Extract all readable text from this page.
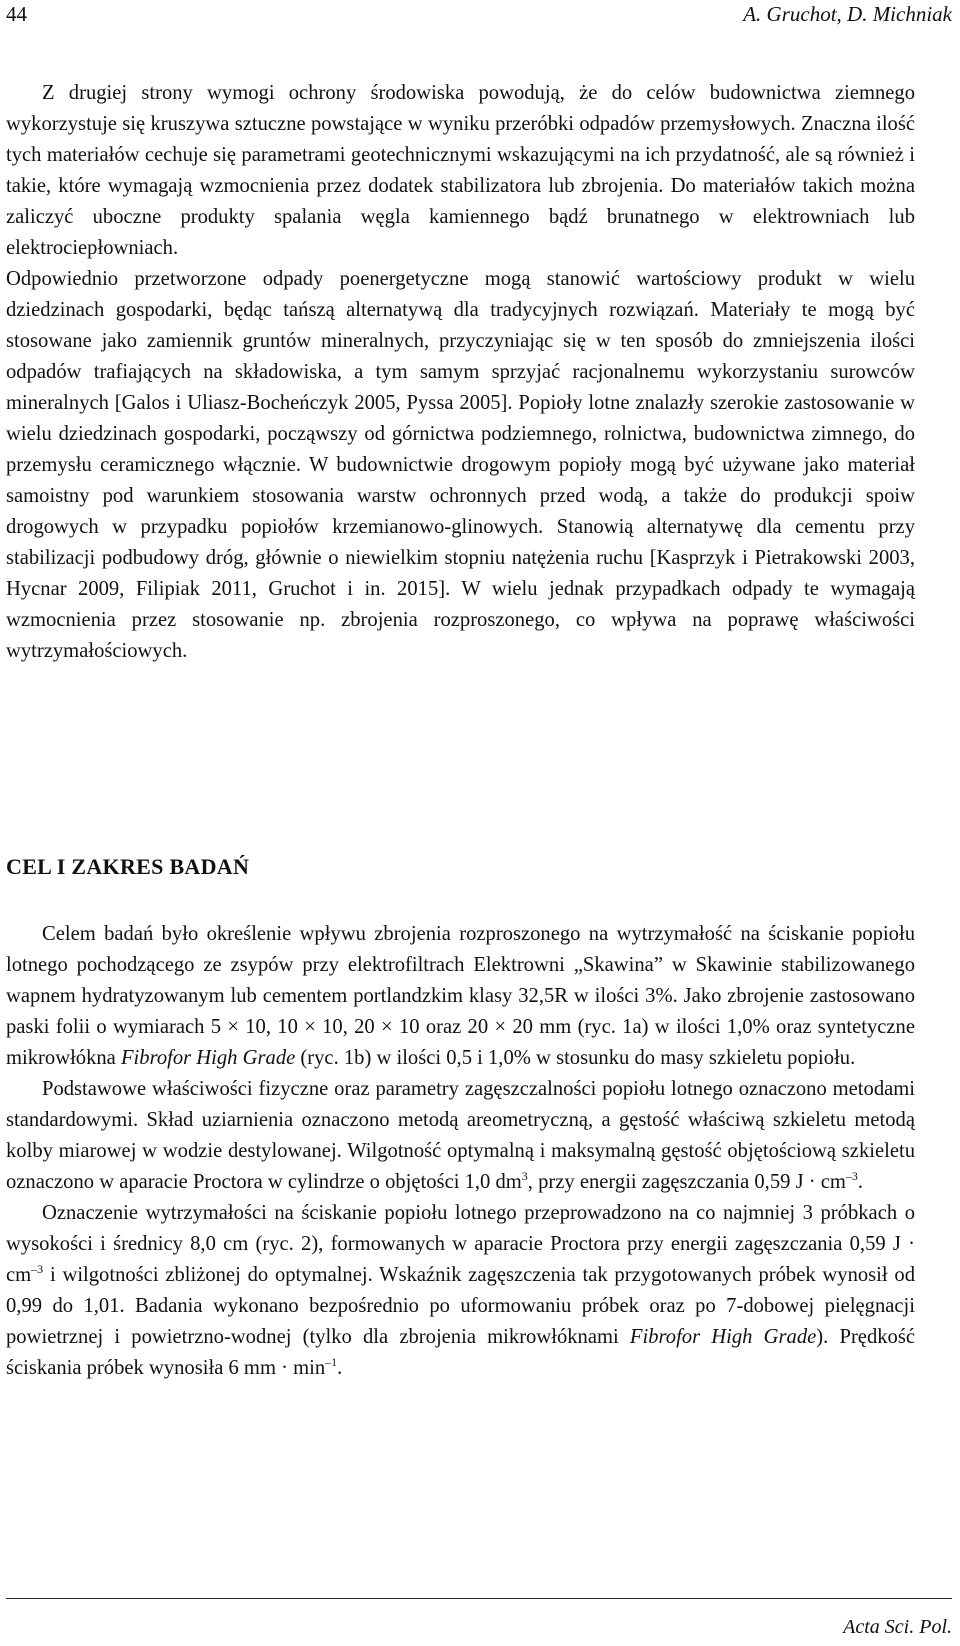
44	A. Gruchot, D. Michniak

Z drugiej strony wymogi ochrony środowiska powodują, że do celów budownictwa ziemnego wykorzystuje się kruszywa sztuczne powstające w wyniku przeróbki odpadów przemysłowych. Znaczna ilość tych materiałów cechuje się parametrami geotechnicznymi wskazującymi na ich przydatność, ale są również i takie, które wymagają wzmocnienia przez dodatek stabilizatora lub zbrojenia. Do materiałów takich można zaliczyć uboczne produkty spalania węgla kamiennego bądź brunatnego w elektrowniach lub elektrociepłowniach.

Odpowiednio przetworzone odpady poenergetyczne mogą stanowić wartościowy produkt w wielu dziedzinach gospodarki, będąc tańszą alternatywą dla tradycyjnych rozwiązań. Materiały te mogą być stosowane jako zamiennik gruntów mineralnych, przyczyniając się w ten sposób do zmniejszenia ilości odpadów trafiających na składowiska, a tym samym sprzyjać racjonalnemu wykorzystaniu surowców mineralnych [Galos i Uliasz-Bocheńczyk 2005, Pyssa 2005]. Popioły lotne znalazły szerokie zastosowanie w wielu dziedzinach gospodarki, począwszy od górnictwa podziemnego, rolnictwa, budownictwa zimnego, do przemysłu ceramicznego włącznie. W budownictwie drogowym popioły mogą być używane jako materiał samoistny pod warunkiem stosowania warstw ochronnych przed wodą, a także do produkcji spoiw drogowych w przypadku popiołów krzemianowo-glinowych. Stanowią alternatywę dla cementu przy stabilizacji podbudowy dróg, głównie o niewielkim stopniu natężenia ruchu [Kasprzyk i Pietrakowski 2003, Hycnar 2009, Filipiak 2011, Gruchot i in. 2015]. W wielu jednak przypadkach odpady te wymagają wzmocnienia przez stosowanie np. zbrojenia rozproszonego, co wpływa na poprawę właściwości wytrzymałościowych.

CEL I ZAKRES BADAŃ

Celem badań było określenie wpływu zbrojenia rozproszonego na wytrzymałość na ściskanie popiołu lotnego pochodzącego ze zsypów przy elektrofiltrach Elektrowni „Skawina” w Skawinie stabilizowanego wapnem hydratyzowanym lub cementem portlandzkim klasy 32,5R w ilości 3%. Jako zbrojenie zastosowano paski folii o wymiarach 5 × 10, 10 × 10, 20 × 10 oraz 20 × 20 mm (ryc. 1a) w ilości 1,0% oraz syntetyczne mikrowłókna Fibrofor High Grade (ryc. 1b) w ilości 0,5 i 1,0% w stosunku do masy szkieletu popiołu.

Podstawowe właściwości fizyczne oraz parametry zagęszczalności popiołu lotnego oznaczono metodami standardowymi. Skład uziarnienia oznaczono metodą areometryczną, a gęstość właściwą szkieletu metodą kolby miarowej w wodzie destylowanej. Wilgotność optymalną i maksymalną gęstość objętościową szkieletu oznaczono w aparacie Proctora w cylindrze o objętości 1,0 $dm^3$, przy energii zagęszczania 0,59 $J \cdot cm^{-3}$.

Oznaczenie wytrzymałości na ściskanie popiołu lotnego przeprowadzono na co najmniej 3 próbkach o wysokości i średnicy 8,0 cm (ryc. 2), formowanych w aparacie Proctora przy energii zagęszczania 0,59 $J \cdot cm^{-3}$ i wilgotności zbliżonej do optymalnej. Wskaźnik zagęszczenia tak przygotowanych próbek wynosił od 0,99 do 1,01. Badania wykonano bezpośrednio po uformowaniu próbek oraz po 7-dobowej pielęgnacji powietrznej i powietrzno-wodnej (tylko dla zbrojenia mikrowłóknami Fibrofor High Grade). Prędkość ściskania próbek wynosiła 6 mm · $\min^{-1}$.

Acta Sci. Pol.
